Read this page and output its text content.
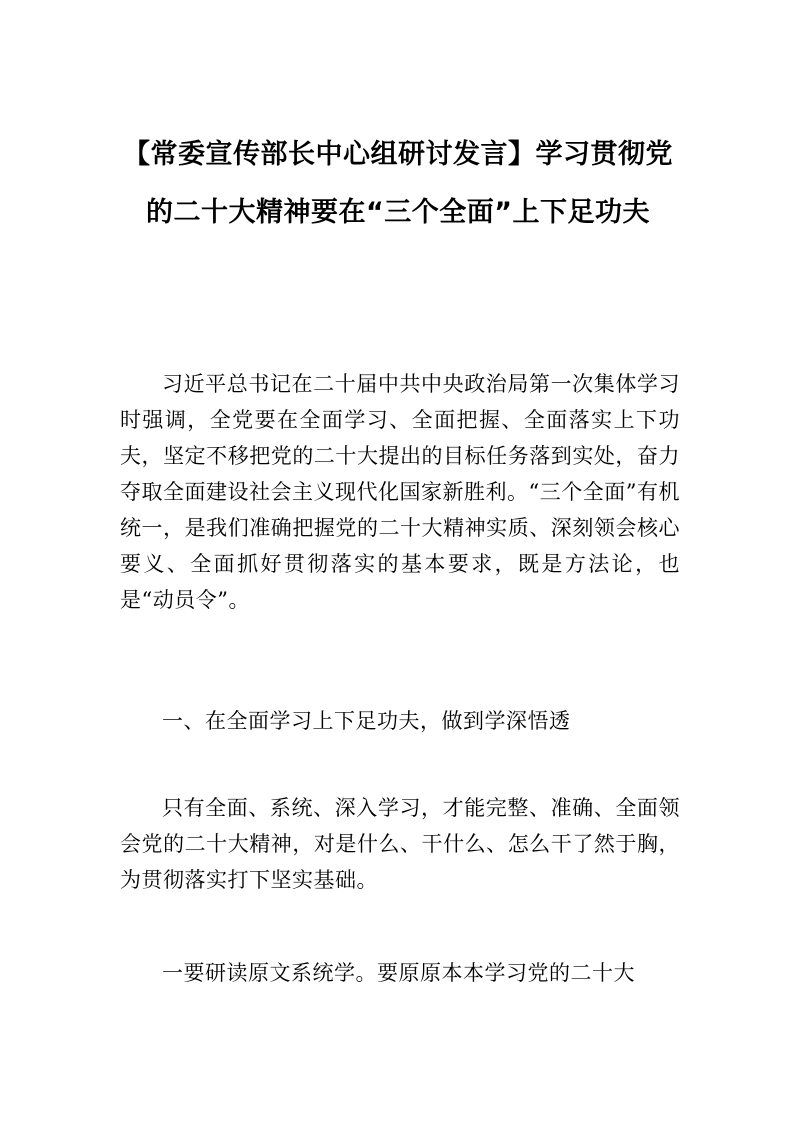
【常委宣传部长中心组研讨发言】学习贯彻党的二十大精神要在“三个全面”上下足功夫

习近平总书记在二十届中共中央政治局第一次集体学习时强调，全党要在全面学习、全面把握、全面落实上下功夫，坚定不移把党的二十大提出的目标任务落到实处，奋力夺取全面建设社会主义现代化国家新胜利。“三个全面”有机统一，是我们准确把握党的二十大精神实质、深刻领会核心要义、全面抓好贯彻落实的基本要求，既是方法论，也是“动员令”。

一、在全面学习上下足功夫，做到学深悟透

只有全面、系统、深入学习，才能完整、准确、全面领会党的二十大精神，对是什么、干什么、怎么干了然于胸，为贯彻落实打下坚实基础。

一要研读原文系统学。要原原本本学习党的二十大
